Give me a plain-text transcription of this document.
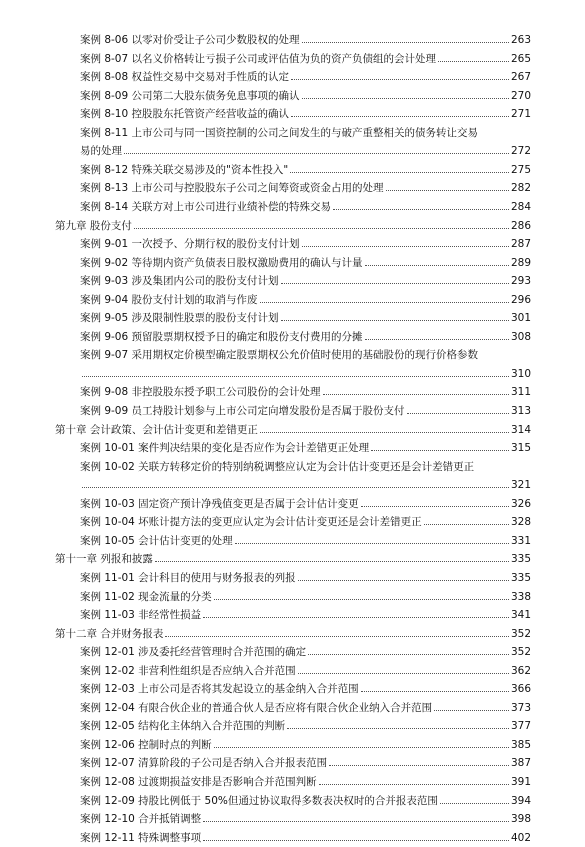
案例 8-06 以零对价受让子公司少数股权的处理	263
案例 8-07 以名义价格转让亏损子公司或评估值为负的资产负债组的会计处理	265
案例 8-08 权益性交易中交易对手性质的认定	267
案例 8-09 公司第二大股东债务免息事项的确认	270
案例 8-10 控股股东托管资产经营收益的确认	271
案例 8-11 上市公司与同一国资控制的公司之间发生的与破产重整相关的债务转让交易
易的处理	272
案例 8-12 特殊关联交易涉及的"资本性投入"	275
案例 8-13 上市公司与控股股东子公司之间筹资或资金占用的处理	282
案例 8-14 关联方对上市公司进行业绩补偿的特殊交易	284
第九章 股份支付	286
案例 9-01 一次授予、分期行权的股份支付计划	287
案例 9-02 等待期内资产负债表日股权激励费用的确认与计量	289
案例 9-03 涉及集团内公司的股份支付计划	293
案例 9-04 股份支付计划的取消与作废	296
案例 9-05 涉及限制性股票的股份支付计划	301
案例 9-06 预留股票期权授予日的确定和股份支付费用的分摊	308
案例 9-07 采用期权定价模型确定股票期权公允价值时使用的基础股份的现行价格参数
310
案例 9-08 非控股股东授予职工公司股份的会计处理	311
案例 9-09 员工持股计划参与上市公司定向增发股份是否属于股份支付	313
第十章 会计政策、会计估计变更和差错更正	314
案例 10-01 案件判决结果的变化是否应作为会计差错更正处理	315
案例 10-02 关联方转移定价的特别纳税调整应认定为会计估计变更还是会计差错更正
321
案例 10-03 固定资产预计净残值变更是否属于会计估计变更	326
案例 10-04 坏账计提方法的变更应认定为会计估计变更还是会计差错更正	328
案例 10-05 会计估计变更的处理	331
第十一章 列报和披露	335
案例 11-01 会计科目的使用与财务报表的列报	335
案例 11-02 现金流量的分类	338
案例 11-03 非经常性损益	341
第十二章 合并财务报表	352
案例 12-01 涉及委托经营管理时合并范围的确定	352
案例 12-02 非营利性组织是否应纳入合并范围	362
案例 12-03 上市公司是否将其发起设立的基金纳入合并范围	366
案例 12-04 有限合伙企业的普通合伙人是否应将有限合伙企业纳入合并范围	373
案例 12-05 结构化主体纳入合并范围的判断	377
案例 12-06 控制时点的判断	385
案例 12-07 清算阶段的子公司是否纳入合并报表范围	387
案例 12-08 过渡期损益安排是否影响合并范围判断	391
案例 12-09 持股比例低于 50%但通过协议取得多数表决权时的合并报表范围	394
案例 12-10 合并抵销调整	398
案例 12-11 特殊调整事项	402
